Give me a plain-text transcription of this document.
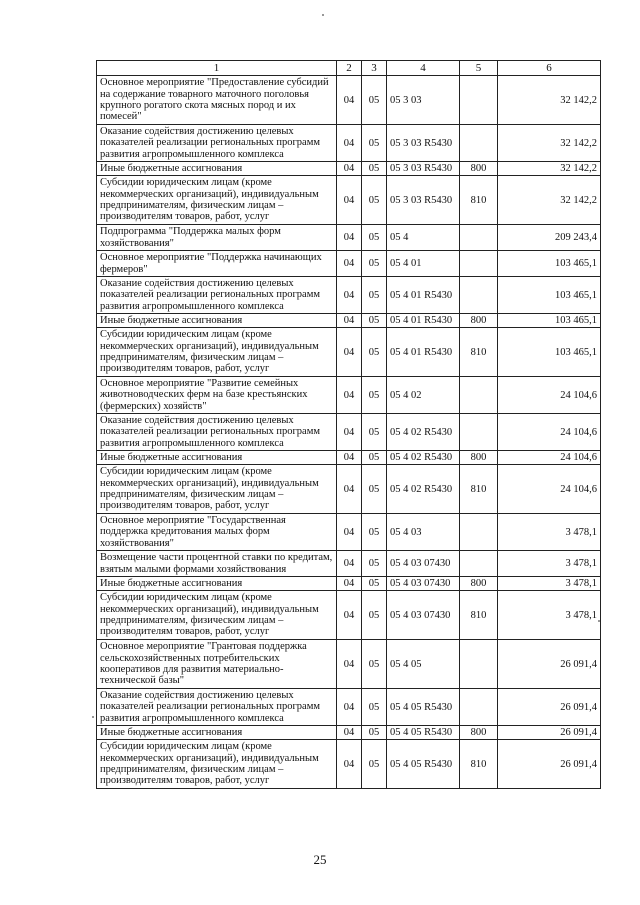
1	2	3	4	5	6
Основное мероприятие "Предоставление субсидий на содержание товарного маточного поголовья крупного рогатого скота мясных пород и их помесей"	04	05	05 3 03		32 142,2
Оказание содействия достижению целевых показателей реализации региональных программ развития агропромышленного комплекса	04	05	05 3 03 R5430		32 142,2
Иные бюджетные ассигнования	04	05	05 3 03 R5430	800	32 142,2
Субсидии юридическим лицам (кроме некоммерческих организаций), индивидуальным предпринимателям, физическим лицам – производителям товаров, работ, услуг	04	05	05 3 03 R5430	810	32 142,2
Подпрограмма "Поддержка малых форм хозяйствования"	04	05	05 4		209 243,4
Основное мероприятие "Поддержка начинающих фермеров"	04	05	05 4 01		103 465,1
Оказание содействия достижению целевых показателей реализации региональных программ развития агропромышленного комплекса	04	05	05 4 01 R5430		103 465,1
Иные бюджетные ассигнования	04	05	05 4 01 R5430	800	103 465,1
Субсидии юридическим лицам (кроме некоммерческих организаций), индивидуальным предпринимателям, физическим лицам – производителям товаров, работ, услуг	04	05	05 4 01 R5430	810	103 465,1
Основное мероприятие "Развитие семейных животноводческих ферм на базе крестьянских (фермерских) хозяйств"	04	05	05 4 02		24 104,6
Оказание содействия достижению целевых показателей реализации региональных программ развития агропромышленного комплекса	04	05	05 4 02 R5430		24 104,6
Иные бюджетные ассигнования	04	05	05 4 02 R5430	800	24 104,6
Субсидии юридическим лицам (кроме некоммерческих организаций), индивидуальным предпринимателям, физическим лицам – производителям товаров, работ, услуг	04	05	05 4 02 R5430	810	24 104,6
Основное мероприятие "Государственная поддержка кредитования малых форм хозяйствования"	04	05	05 4 03		3 478,1
Возмещение части процентной ставки по кредитам, взятым малыми формами хозяйствования	04	05	05 4 03 07430		3 478,1
Иные бюджетные ассигнования	04	05	05 4 03 07430	800	3 478,1
Субсидии юридическим лицам (кроме некоммерческих организаций), индивидуальным предпринимателям, физическим лицам – производителям товаров, работ, услуг	04	05	05 4 03 07430	810	3 478,1
Основное мероприятие "Грантовая поддержка сельскохозяйственных потребительских кооперативов для развития материально-технической базы"	04	05	05 4 05		26 091,4
Оказание содействия достижению целевых показателей реализации региональных программ развития агропромышленного комплекса	04	05	05 4 05 R5430		26 091,4
Иные бюджетные ассигнования	04	05	05 4 05 R5430	800	26 091,4
Субсидии юридическим лицам (кроме некоммерческих организаций), индивидуальным предпринимателям, физическим лицам – производителям товаров, работ, услуг	04	05	05 4 05 R5430	810	26 091,4
25
